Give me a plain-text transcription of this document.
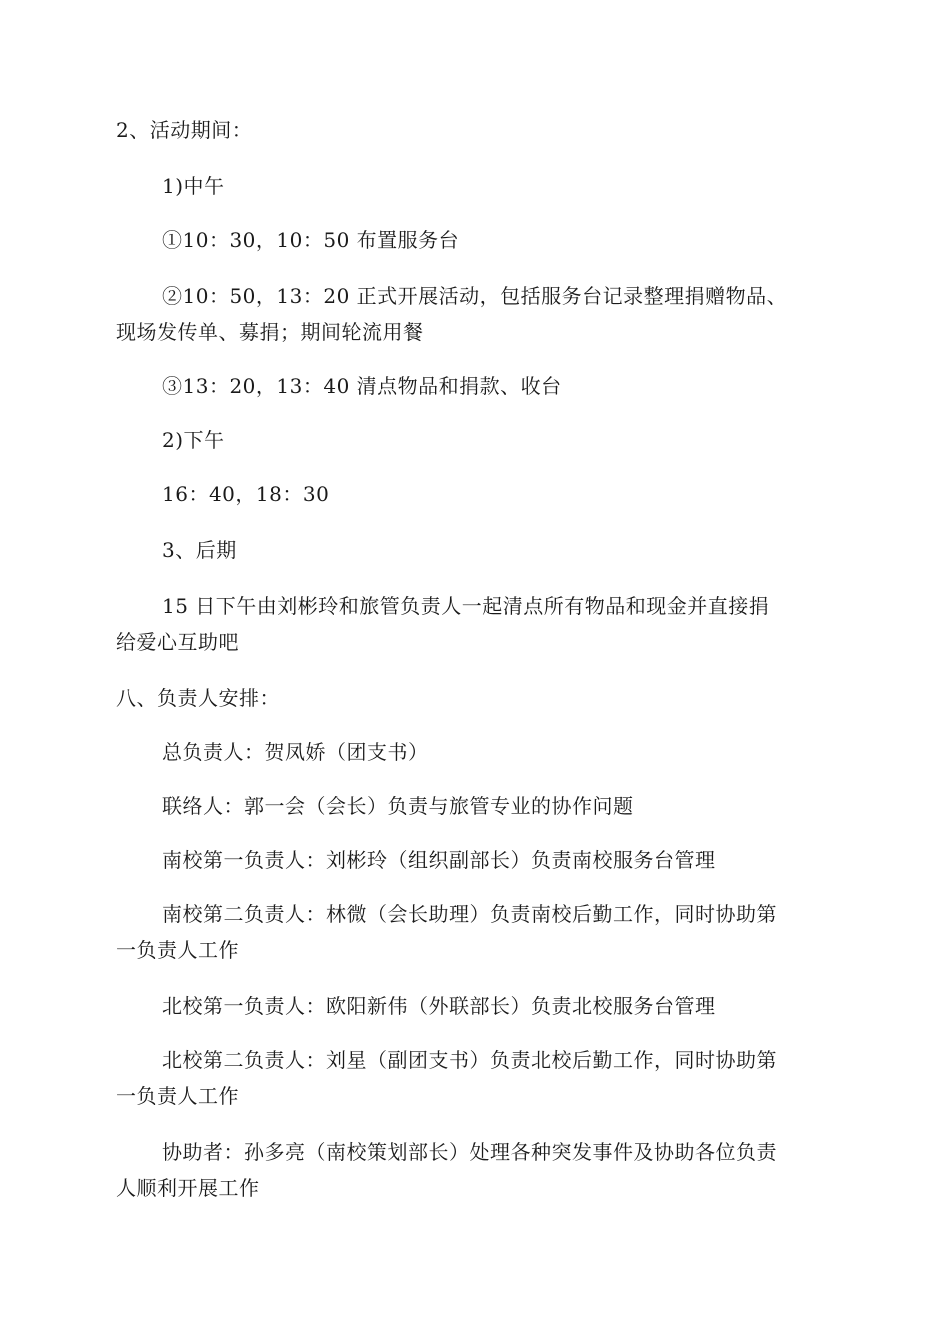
2、活动期间：
1)中午
①10：30，10：50 布置服务台
②10：50，13：20 正式开展活动，包括服务台记录整理捐赠物品、
现场发传单、募捐；期间轮流用餐
③13：20，13：40 清点物品和捐款、收台
2)下午
16：40，18：30
3、后期
15 日下午由刘彬玲和旅管负责人一起清点所有物品和现金并直接捐
给爱心互助吧
八、负责人安排：
总负责人：贺凤娇（团支书）
联络人：郭一会（会长）负责与旅管专业的协作问题
南校第一负责人：刘彬玲（组织副部长）负责南校服务台管理
南校第二负责人：林微（会长助理）负责南校后勤工作，同时协助第
一负责人工作
北校第一负责人：欧阳新伟（外联部长）负责北校服务台管理
北校第二负责人：刘星（副团支书）负责北校后勤工作，同时协助第
一负责人工作
协助者：孙多亮（南校策划部长）处理各种突发事件及协助各位负责
人顺利开展工作
